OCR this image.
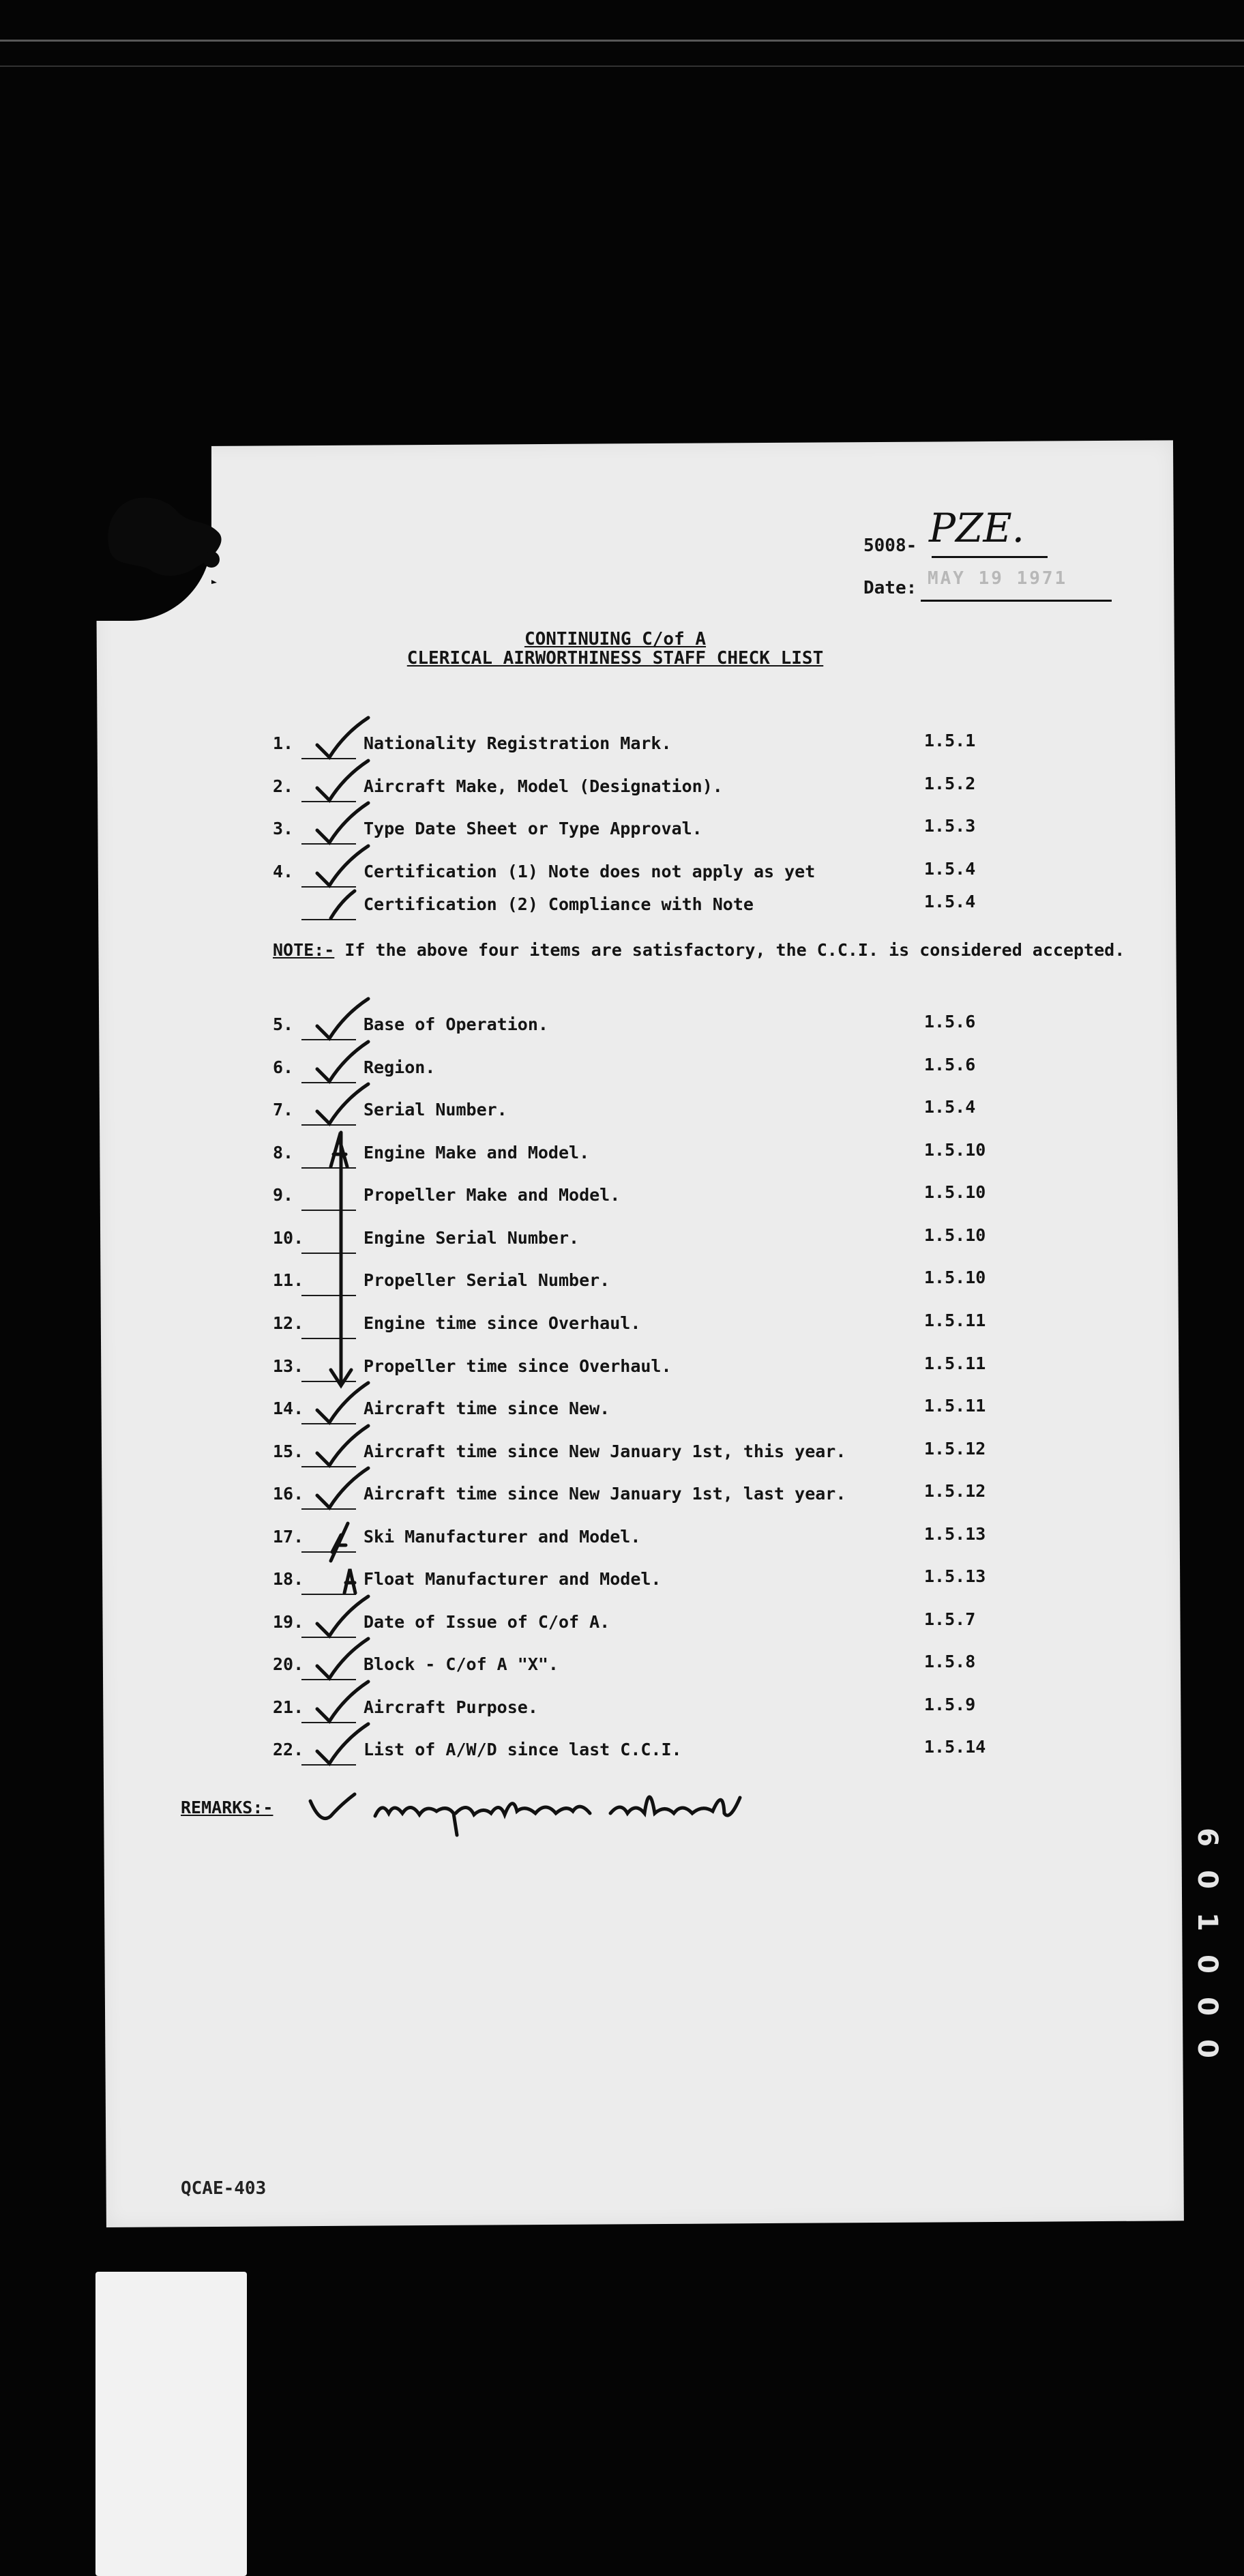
5008- PZE.
Date: MAY 19 1971
CONTINUING C/of A
CLERICAL AIRWORTHINESS STAFF CHECK LIST
1.	Nationality Registration Mark.	1.5.1
2.	Aircraft Make, Model (Designation).	1.5.2
3.	Type Date Sheet or Type Approval.	1.5.3
4.	Certification (1) Note does not apply as yet	1.5.4
Certification (2) Compliance with Note	1.5.4
5.	Base of Operation.	1.5.6
6.	Region.	1.5.6
7.	Serial Number.	1.5.4
8.	Engine Make and Model.	1.5.10
9.	Propeller Make and Model.	1.5.10
10.	Engine Serial Number.	1.5.10
11.	Propeller Serial Number.	1.5.10
12.	Engine time since Overhaul.	1.5.11
13.	Propeller time since Overhaul.	1.5.11
14.	Aircraft time since New.	1.5.11
15.	Aircraft time since New January 1st, this year.	1.5.12
16.	Aircraft time since New January 1st, last year.	1.5.12
17.	Ski Manufacturer and Model.	1.5.13
18.	Float Manufacturer and Model.	1.5.13
19.	Date of Issue of C/of A.	1.5.7
20.	Block - C/of A "X".	1.5.8
21.	Aircraft Purpose.	1.5.9
22.	List of A/W/D since last C.C.I.	1.5.14
NOTE:- If the above four items are satisfactory, the C.C.I. is considered accepted.
REMARKS:-
QCAE-403
6
0
1
0
0
0
